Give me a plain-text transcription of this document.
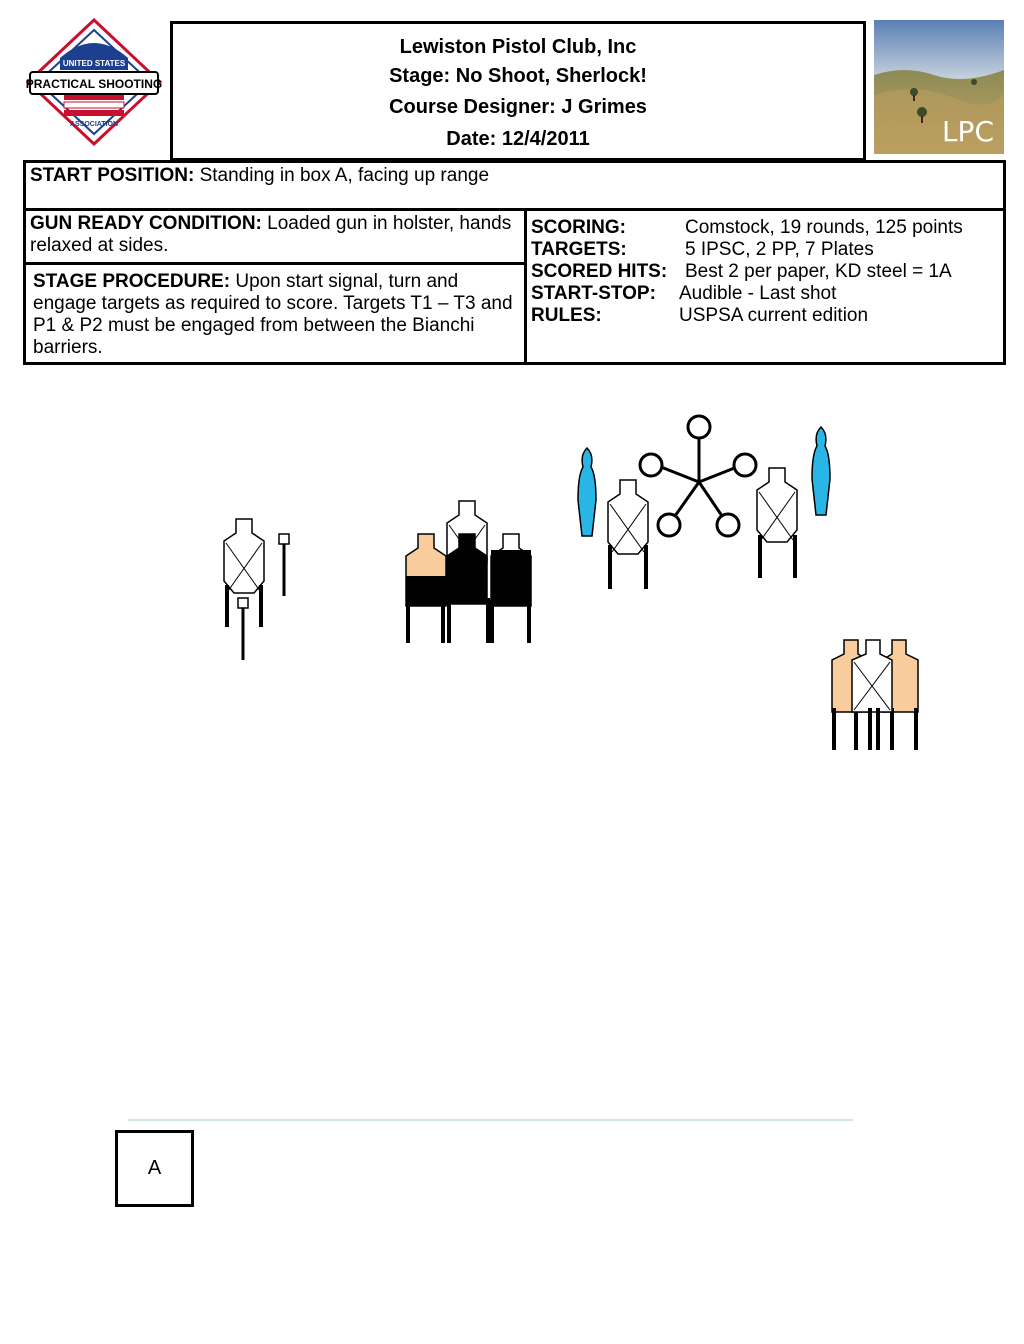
UNITED STATES
PRACTICAL SHOOTING
ASSOCIATION
Lewiston Pistol Club, Inc
Stage: No Shoot, Sherlock!
Course Designer: J Grimes
Date: 12/4/2011	LPC
START POSITION: Standing in box A, facing up range
GUN READY CONDITION: Loaded gun in holster, hands relaxed at sides.
STAGE PROCEDURE: Upon start signal, turn and engage targets as required to score. Targets T1 – T3 and P1 & P2 must be engaged from between the Bianchi barriers.
SCORING:	Comstock, 19 rounds, 125 points
TARGETS:	5 IPSC, 2 PP, 7 Plates
SCORED HITS: Best 2 per paper, KD steel = 1A
START-STOP: Audible - Last shot
RULES:	USPSA current edition
A
